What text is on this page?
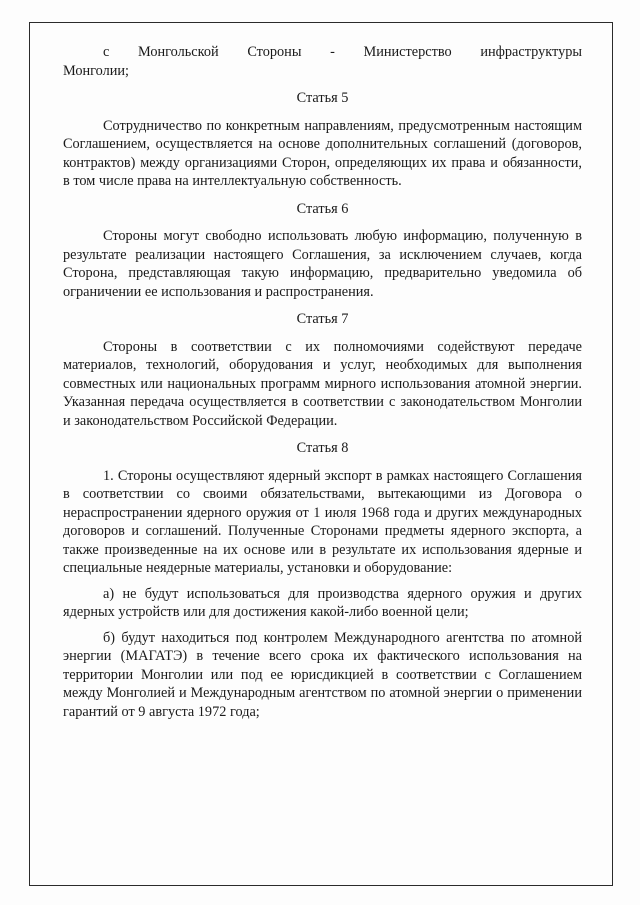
с Монгольской Стороны - Министерство инфраструктуры

Монголии;

Статья 5

Сотрудничество по конкретным направлениям, предусмотренным настоящим Соглашением, осуществляется на основе дополнительных соглашений (договоров, контрактов) между организациями Сторон, определяющих их права и обязанности, в том числе права на интеллектуальную собственность.

Статья 6

Стороны могут свободно использовать любую информацию, полученную в результате реализации настоящего Соглашения, за исключением случаев, когда Сторона, представляющая такую информацию, предварительно уведомила об ограничении ее использования и распространения.

Статья 7

Стороны в соответствии с их полномочиями содействуют передаче материалов, технологий, оборудования и услуг, необходимых для выполнения совместных или национальных программ мирного использования атомной энергии. Указанная передача осуществляется в соответствии с законодательством Монголии и законодательством Российской Федерации.

Статья 8

1. Стороны осуществляют ядерный экспорт в рамках настоящего Соглашения в соответствии со своими обязательствами, вытекающими из Договора о нераспространении ядерного оружия от 1 июля 1968 года и других международных договоров и соглашений. Полученные Сторонами предметы ядерного экспорта, а также произведенные на их основе или в результате их использования ядерные и специальные неядерные материалы, установки и оборудование:

а) не будут использоваться для производства ядерного оружия и других ядерных устройств или для достижения какой-либо военной цели;

б) будут находиться под контролем Международного агентства по атомной энергии (МАГАТЭ) в течение всего срока их фактического использования на территории Монголии или под ее юрисдикцией в соответствии с Соглашением между Монголией и Международным агентством по атомной энергии о применении гарантий от 9 августа 1972 года;
